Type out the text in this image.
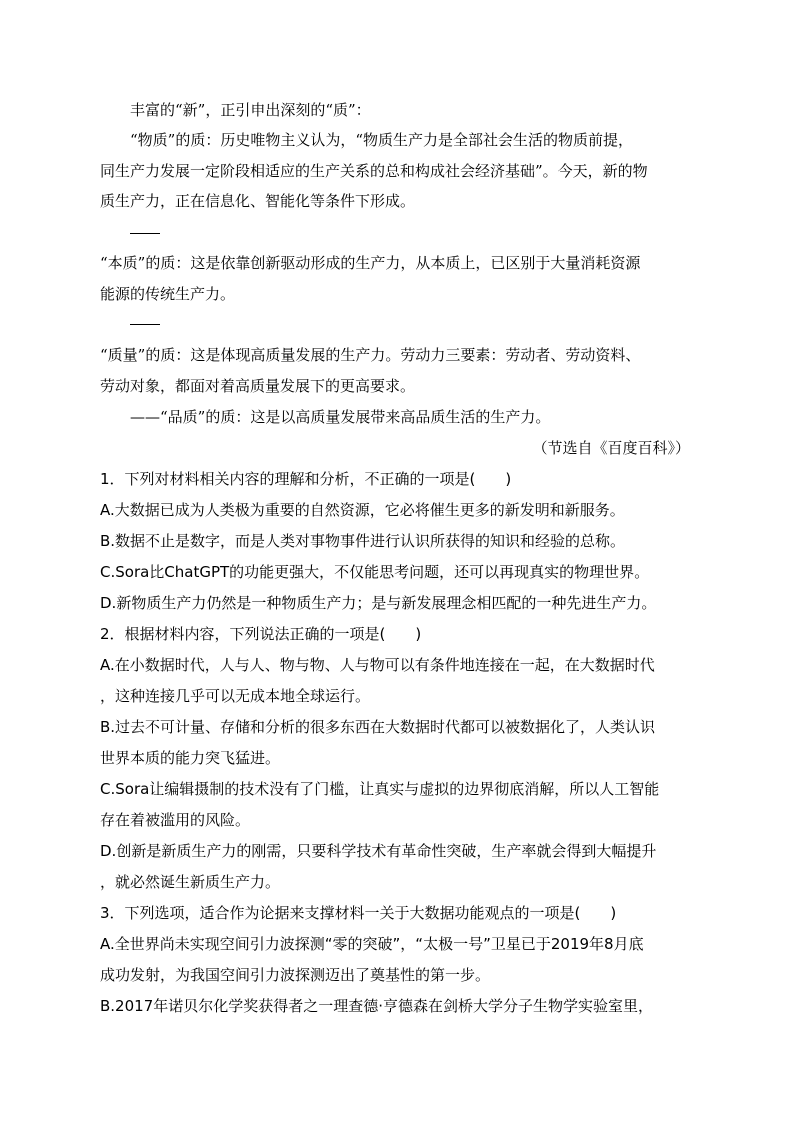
丰富的“新”，正引申出深刻的“质”：
“物质”的质：历史唯物主义认为，“物质生产力是全部社会生活的物质前提，
同生产力发展一定阶段相适应的生产关系的总和构成社会经济基础”。今天，新的物
质生产力，正在信息化、智能化等条件下形成。
“本质”的质：这是依靠创新驱动形成的生产力，从本质上，已区别于大量消耗资源
能源的传统生产力。
“质量”的质：这是体现高质量发展的生产力。劳动力三要素：劳动者、劳动资料、
劳动对象，都面对着高质量发展下的更高要求。
——“品质”的质：这是以高质量发展带来高品质生活的生产力。
（节选自《百度百科》）
1．下列对材料相关内容的理解和分析，不正确的一项是(　　)
A.大数据已成为人类极为重要的自然资源，它必将催生更多的新发明和新服务。
B.数据不止是数字，而是人类对事物事件进行认识所获得的知识和经验的总称。
C.Sora比ChatGPT的功能更强大，不仅能思考问题，还可以再现真实的物理世界。
D.新物质生产力仍然是一种物质生产力；是与新发展理念相匹配的一种先进生产力。
2．根据材料内容，下列说法正确的一项是(　　)
A.在小数据时代，人与人、物与物、人与物可以有条件地连接在一起，在大数据时代
，这种连接几乎可以无成本地全球运行。
B.过去不可计量、存储和分析的很多东西在大数据时代都可以被数据化了，人类认识
世界本质的能力突飞猛进。
C.Sora让编辑摄制的技术没有了门槛，让真实与虚拟的边界彻底消解，所以人工智能
存在着被滥用的风险。
D.创新是新质生产力的刚需，只要科学技术有革命性突破，生产率就会得到大幅提升
，就必然诞生新质生产力。
3．下列选项，适合作为论据来支撑材料一关于大数据功能观点的一项是(　　)
A.全世界尚未实现空间引力波探测“零的突破”，“太极一号”卫星已于2019年8月底
成功发射，为我国空间引力波探测迈出了奠基性的第一步。
B.2017年诺贝尔化学奖获得者之一理查德·亨德森在剑桥大学分子生物学实验室里，
